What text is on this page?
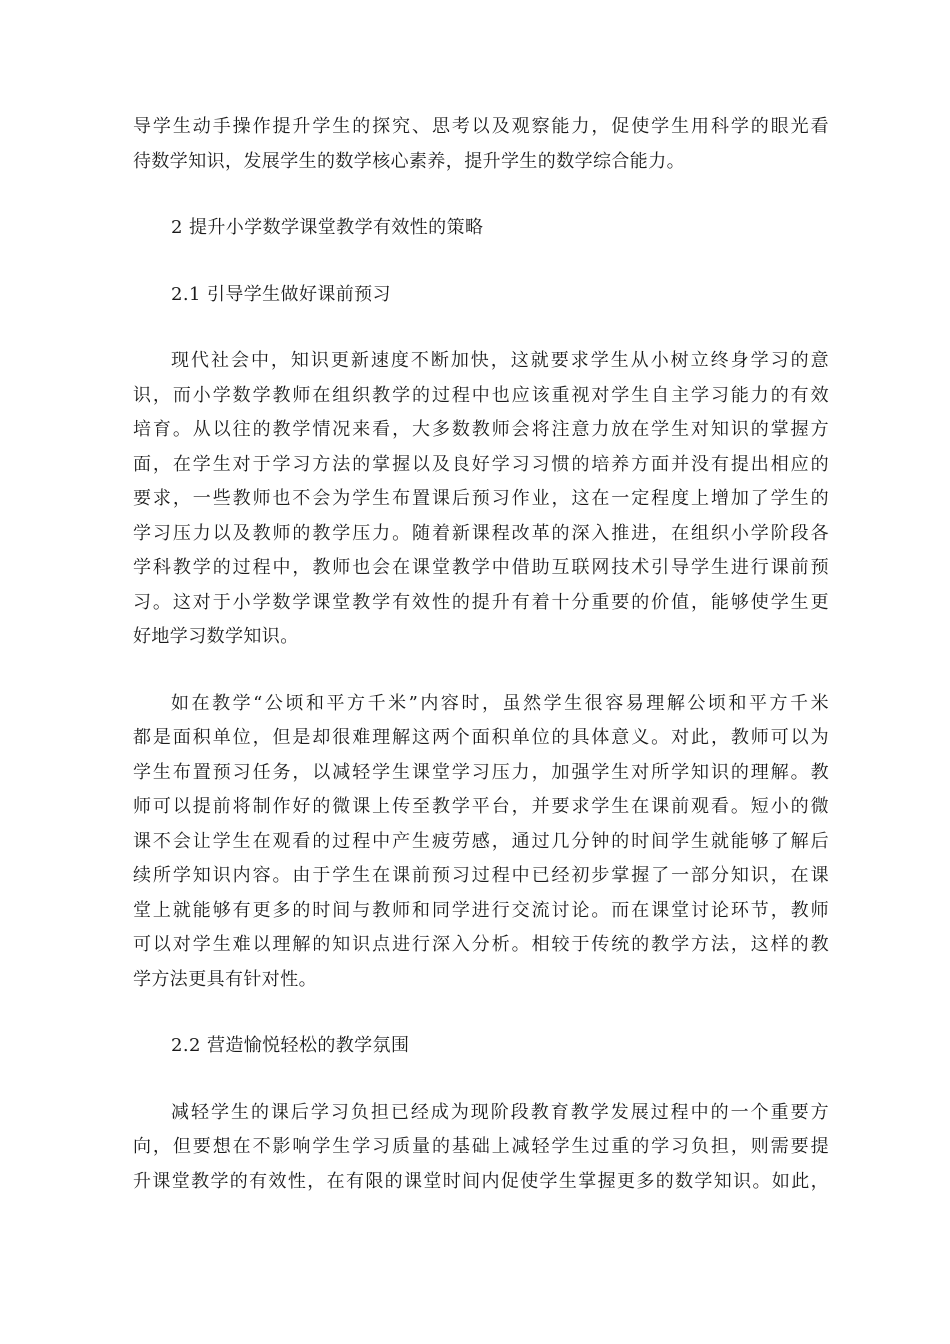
导学生动手操作提升学生的探究、思考以及观察能力，促使学生用科学的眼光看
待数学知识，发展学生的数学核心素养，提升学生的数学综合能力。

2 提升小学数学课堂教学有效性的策略

2.1 引导学生做好课前预习

现代社会中，知识更新速度不断加快，这就要求学生从小树立终身学习的意
识，而小学数学教师在组织教学的过程中也应该重视对学生自主学习能力的有效
培育。从以往的教学情况来看，大多数教师会将注意力放在学生对知识的掌握方
面，在学生对于学习方法的掌握以及良好学习习惯的培养方面并没有提出相应的
要求，一些教师也不会为学生布置课后预习作业，这在一定程度上增加了学生的
学习压力以及教师的教学压力。随着新课程改革的深入推进，在组织小学阶段各
学科教学的过程中，教师也会在课堂教学中借助互联网技术引导学生进行课前预
习。这对于小学数学课堂教学有效性的提升有着十分重要的价值，能够使学生更
好地学习数学知识。

如在教学“公顷和平方千米”内容时，虽然学生很容易理解公顷和平方千米
都是面积单位，但是却很难理解这两个面积单位的具体意义。对此，教师可以为
学生布置预习任务，以减轻学生课堂学习压力，加强学生对所学知识的理解。教
师可以提前将制作好的微课上传至教学平台，并要求学生在课前观看。短小的微
课不会让学生在观看的过程中产生疲劳感，通过几分钟的时间学生就能够了解后
续所学知识内容。由于学生在课前预习过程中已经初步掌握了一部分知识，在课
堂上就能够有更多的时间与教师和同学进行交流讨论。而在课堂讨论环节，教师
可以对学生难以理解的知识点进行深入分析。相较于传统的教学方法，这样的教
学方法更具有针对性。

2.2 营造愉悦轻松的教学氛围

减轻学生的课后学习负担已经成为现阶段教育教学发展过程中的一个重要方
向，但要想在不影响学生学习质量的基础上减轻学生过重的学习负担，则需要提
升课堂教学的有效性，在有限的课堂时间内促使学生掌握更多的数学知识。如此，
